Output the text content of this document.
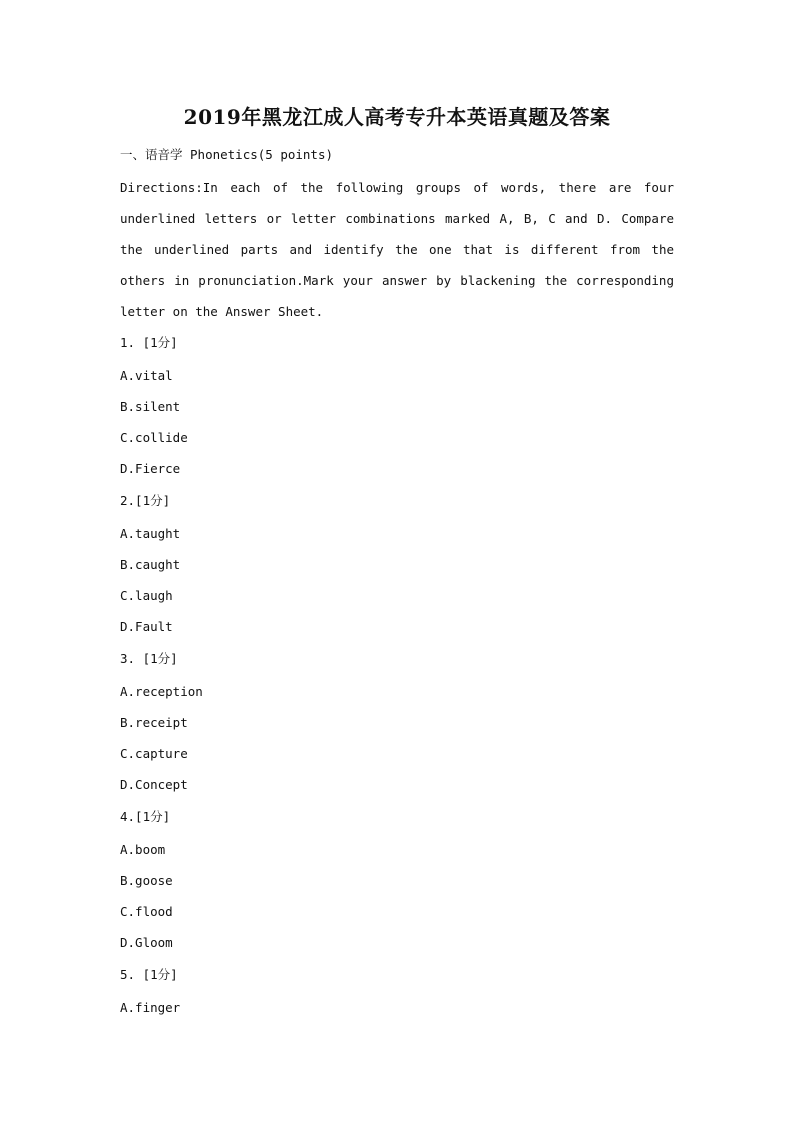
2019年黑龙江成人高考专升本英语真题及答案
一、语音学 Phonetics(5 points)
Directions:In each of the following groups of words, there are four underlined letters or letter combinations marked A, B, C and D. Compare the underlined parts and identify the one that is different from the others in pronunciation.Mark your answer by blackening the corresponding letter on the Answer Sheet.
1. [1分]
A.vital
B.silent
C.collide
D.Fierce
2.[1分]
A.taught
B.caught
C.laugh
D.Fault
3. [1分]
A.reception
B.receipt
C.capture
D.Concept
4.[1分]
A.boom
B.goose
C.flood
D.Gloom
5. [1分]
A.finger
